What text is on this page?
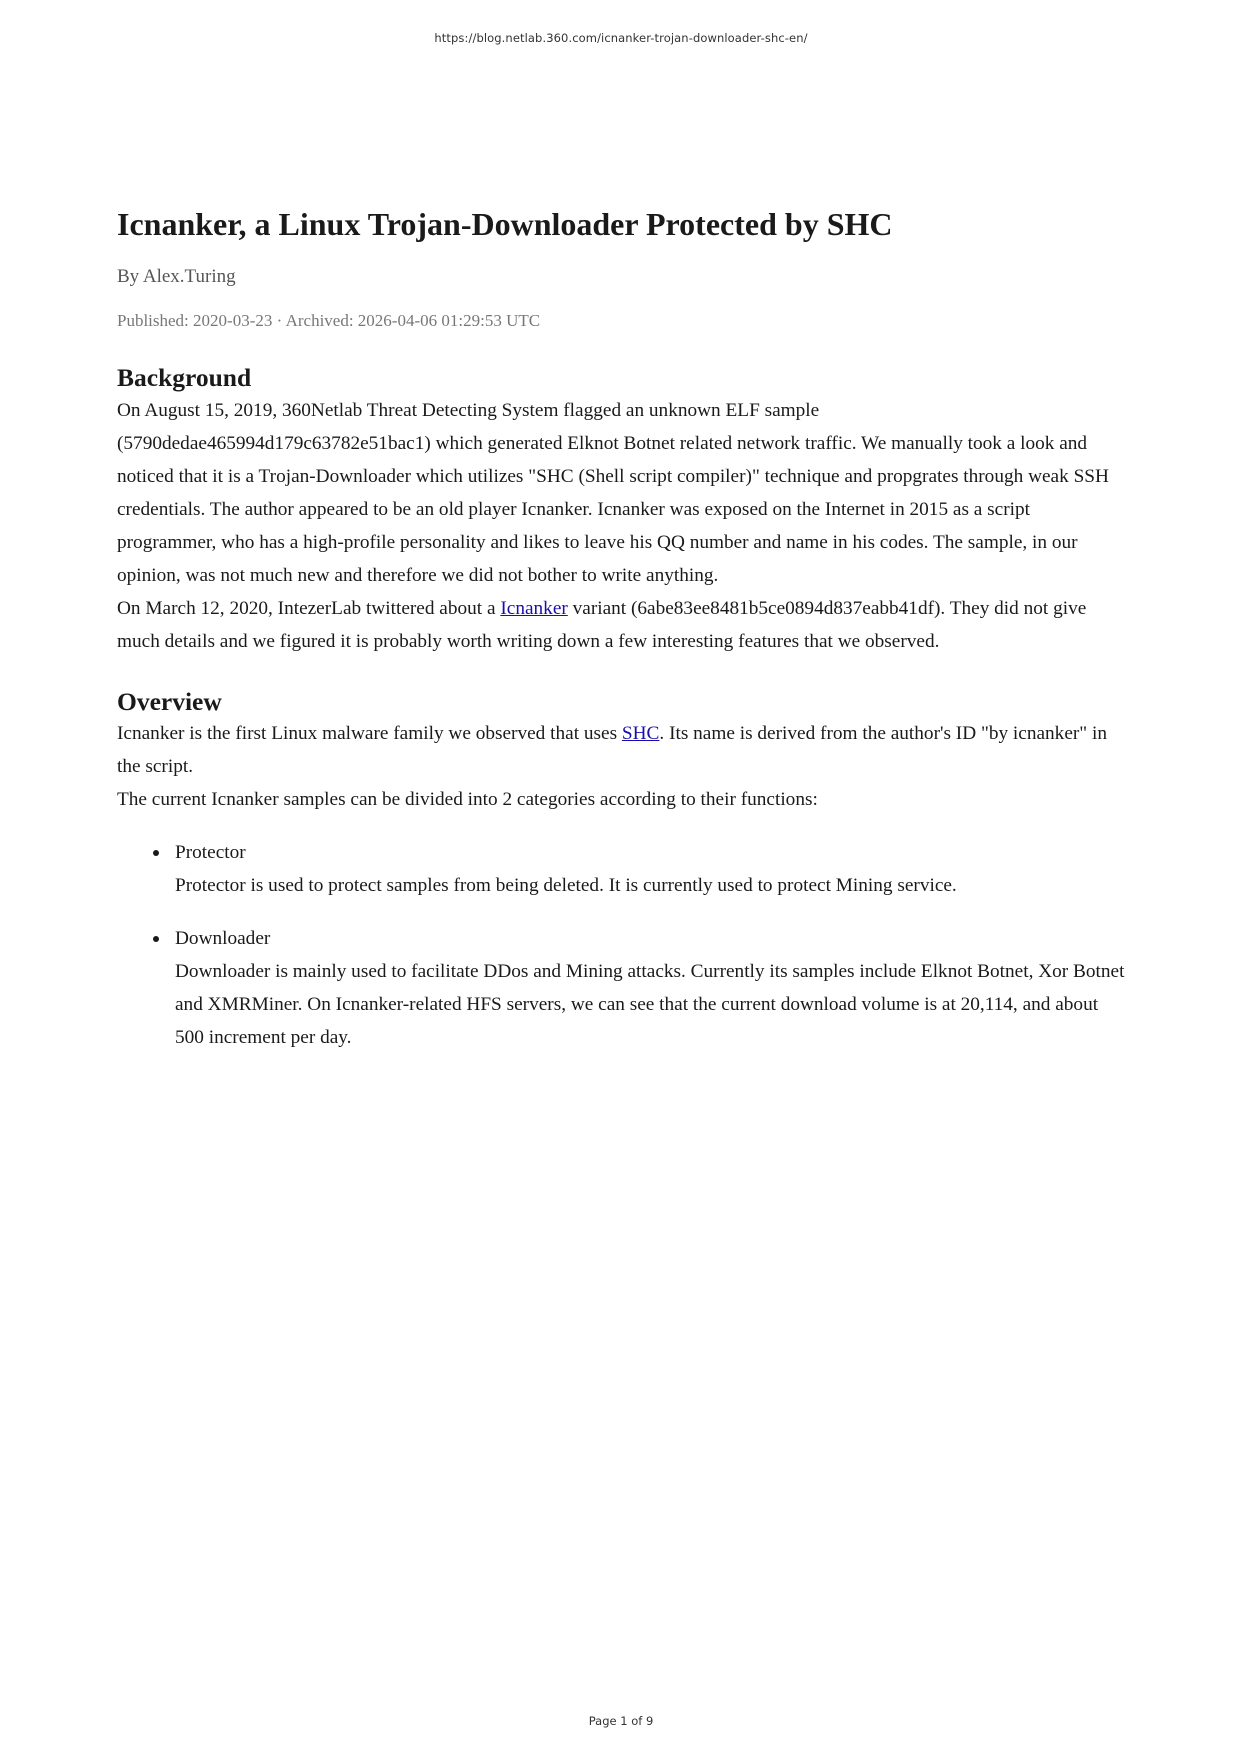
https://blog.netlab.360.com/icnanker-trojan-downloader-shc-en/
Icnanker, a Linux Trojan-Downloader Protected by SHC
By Alex.Turing
Published: 2020-03-23 · Archived: 2026-04-06 01:29:53 UTC
Background

On August 15, 2019, 360Netlab Threat Detecting System flagged an unknown ELF sample (5790dedae465994d179c63782e51bac1) which generated Elknot Botnet related network traffic. We manually took a look and noticed that it is a Trojan-Downloader which utilizes "SHC (Shell script compiler)" technique and propgrates through weak SSH credentials. The author appeared to be an old player Icnanker. Icnanker was exposed on the Internet in 2015 as a script programmer, who has a high-profile personality and likes to leave his QQ number and name in his codes. The sample, in our opinion, was not much new and therefore we did not bother to write anything.

On March 12, 2020, IntezerLab twittered about a Icnanker variant (6abe83ee8481b5ce0894d837eabb41df). They did not give much details and we figured it is probably worth writing down a few interesting features that we observed.

Overview

Icnanker is the first Linux malware family we observed that uses SHC. Its name is derived from the author's ID "by icnanker" in the script.

The current Icnanker samples can be divided into 2 categories according to their functions:

Protector
Protector is used to protect samples from being deleted. It is currently used to protect Mining service.
Downloader
Downloader is mainly used to facilitate DDos and Mining attacks. Currently its samples include Elknot Botnet, Xor Botnet and XMRMiner. On Icnanker-related HFS servers, we can see that the current download volume is at 20,114, and about 500 increment per day.
Page 1 of 9
